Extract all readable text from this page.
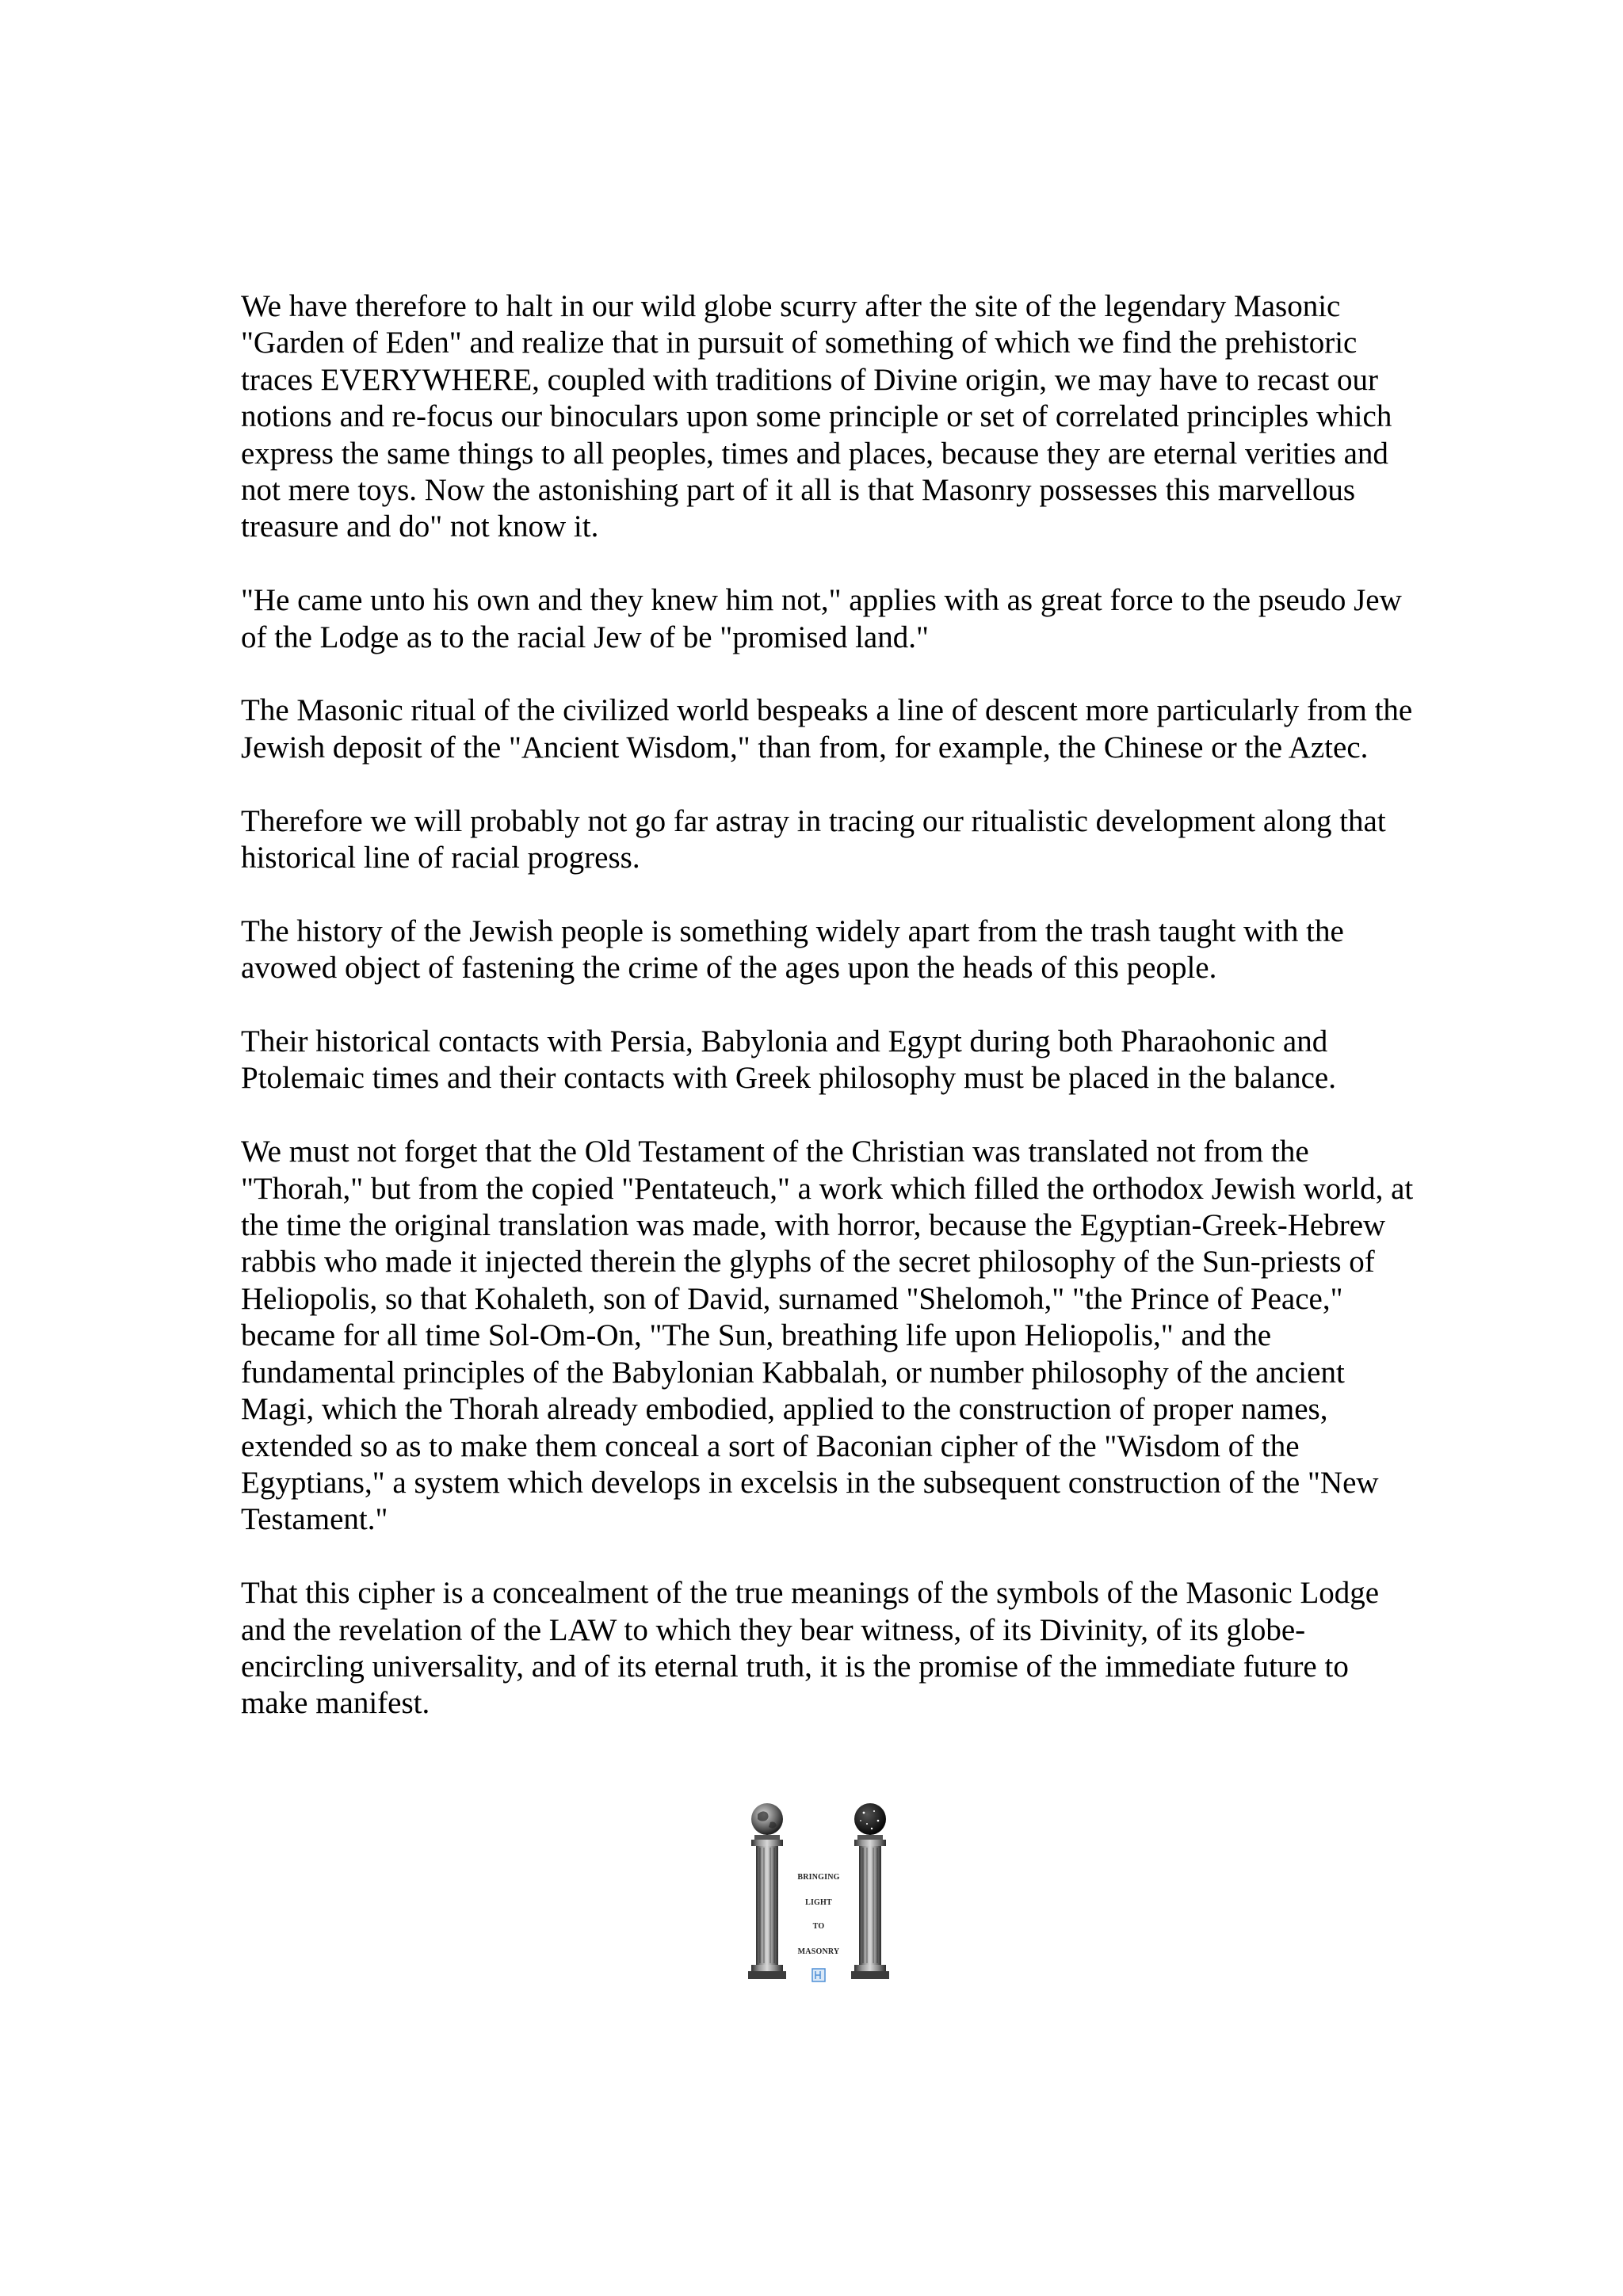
We have therefore to halt in our wild globe scurry after the site of the legendary Masonic "Garden of Eden" and realize that in pursuit of something of which we find the prehistoric traces EVERYWHERE, coupled with traditions of Divine origin, we may have to recast our notions and re-focus our binoculars upon some principle or set of correlated principles which express the same things to all peoples, times and places, because they are eternal verities and not mere toys. Now the astonishing part of it all is that Masonry possesses this marvellous treasure and do" not know it.

"He came unto his own and they knew him not," applies with as great force to the pseudo Jew of the Lodge as to the racial Jew of be "promised land."

The Masonic ritual of the civilized world bespeaks a line of descent more particularly from the Jewish deposit of the "Ancient Wisdom," than from, for example, the Chinese or the Aztec.

Therefore we will probably not go far astray in tracing our ritualistic development along that historical line of racial progress.

The history of the Jewish people is something widely apart from the trash taught with the avowed object of fastening the crime of the ages upon the heads of this people.

Their historical contacts with Persia, Babylonia and Egypt during both Pharaohonic and Ptolemaic times and their contacts with Greek philosophy must be placed in the balance.

We must not forget that the Old Testament of the Christian was translated not from the "Thorah," but from the copied "Pentateuch," a work which filled the orthodox Jewish world, at the time the original translation was made, with horror, because the Egyptian-Greek-Hebrew rabbis who made it injected therein the glyphs of the secret philosophy of the Sun-priests of Heliopolis, so that Kohaleth, son of David, surnamed "Shelomoh," "the Prince of Peace," became for all time Sol-Om-On, "The Sun, breathing life upon Heliopolis," and the fundamental principles of the Babylonian Kabbalah, or number philosophy of the ancient Magi, which the Thorah already embodied, applied to the construction of proper names, extended so as to make them conceal a sort of Baconian cipher of the "Wisdom of the Egyptians," a system which develops in excelsis in the subsequent construction of the "New Testament."

That this cipher is a concealment of the true meanings of the symbols of the Masonic Lodge and the revelation of the LAW to which they bear witness, of its Divinity, of its globe-encircling universality, and of its eternal truth, it is the promise of the immediate future to make manifest.

BRINGING
LIGHT
TO
MASONRY
